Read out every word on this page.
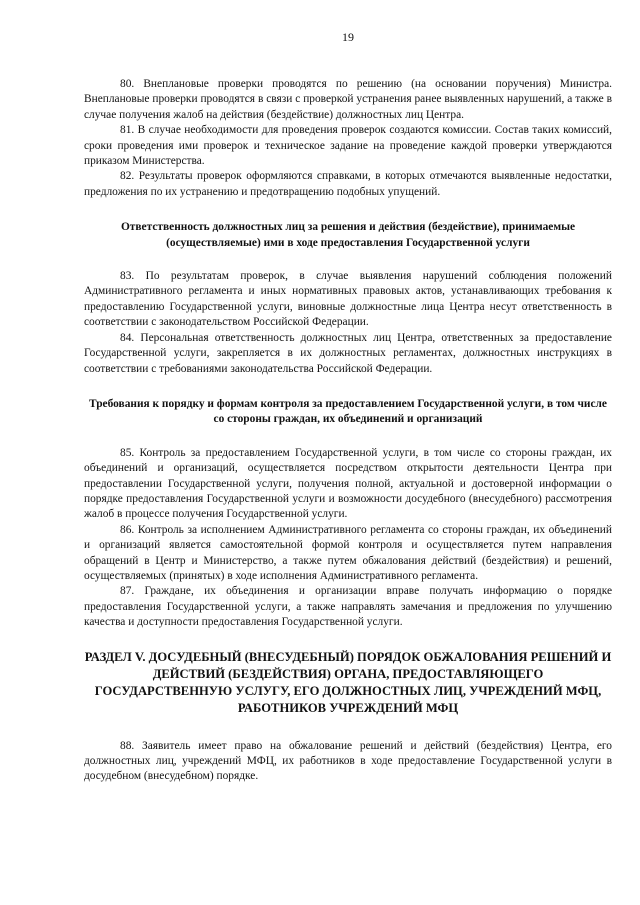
19

80. Внеплановые проверки проводятся по решению (на основании поручения) Министра. Внеплановые проверки проводятся в связи с проверкой устранения ранее выявленных нарушений, а также в случае получения жалоб на действия (бездействие) должностных лиц Центра.

81. В случае необходимости для проведения проверок создаются комиссии. Состав таких комиссий, сроки проведения ими проверок и техническое задание на проведение каждой проверки утверждаются приказом Министерства.

82. Результаты проверок оформляются справками, в которых отмечаются выявленные недостатки, предложения по их устранению и предотвращению подобных упущений.

Ответственность должностных лиц за решения и действия (бездействие), принимаемые (осуществляемые) ими в ходе предоставления Государственной услуги

83. По результатам проверок, в случае выявления нарушений соблюдения положений Административного регламента и иных нормативных правовых актов, устанавливающих требования к предоставлению Государственной услуги, виновные должностные лица Центра несут ответственность в соответствии с законодательством Российской Федерации.

84. Персональная ответственность должностных лиц Центра, ответственных за предоставление Государственной услуги, закрепляется в их должностных регламентах, должностных инструкциях в соответствии с требованиями законодательства Российской Федерации.

Требования к порядку и формам контроля за предоставлением Государственной услуги, в том числе со стороны граждан, их объединений и организаций

85. Контроль за предоставлением Государственной услуги, в том числе со стороны граждан, их объединений и организаций, осуществляется посредством открытости деятельности Центра при предоставлении Государственной услуги, получения полной, актуальной и достоверной информации о порядке предоставления Государственной услуги и возможности досудебного (внесудебного) рассмотрения жалоб в процессе получения Государственной услуги.

86. Контроль за исполнением Административного регламента со стороны граждан, их объединений и организаций является самостоятельной формой контроля и осуществляется путем направления обращений в Центр и Министерство, а также путем обжалования действий (бездействия) и решений, осуществляемых (принятых) в ходе исполнения Административного регламента.

87. Граждане, их объединения и организации вправе получать информацию о порядке предоставления Государственной услуги, а также направлять замечания и предложения по улучшению качества и доступности предоставления Государственной услуги.

РАЗДЕЛ V. ДОСУДЕБНЫЙ (ВНЕСУДЕБНЫЙ) ПОРЯДОК ОБЖАЛОВАНИЯ РЕШЕНИЙ И ДЕЙСТВИЙ (БЕЗДЕЙСТВИЯ) ОРГАНА, ПРЕДОСТАВЛЯЮЩЕГО ГОСУДАРСТВЕННУЮ УСЛУГУ, ЕГО ДОЛЖНОСТНЫХ ЛИЦ, УЧРЕЖДЕНИЙ МФЦ, РАБОТНИКОВ УЧРЕЖДЕНИЙ МФЦ

88. Заявитель имеет право на обжалование решений и действий (бездействия) Центра, его должностных лиц, учреждений МФЦ, их работников в ходе предоставление Государственной услуги в досудебном (внесудебном) порядке.
